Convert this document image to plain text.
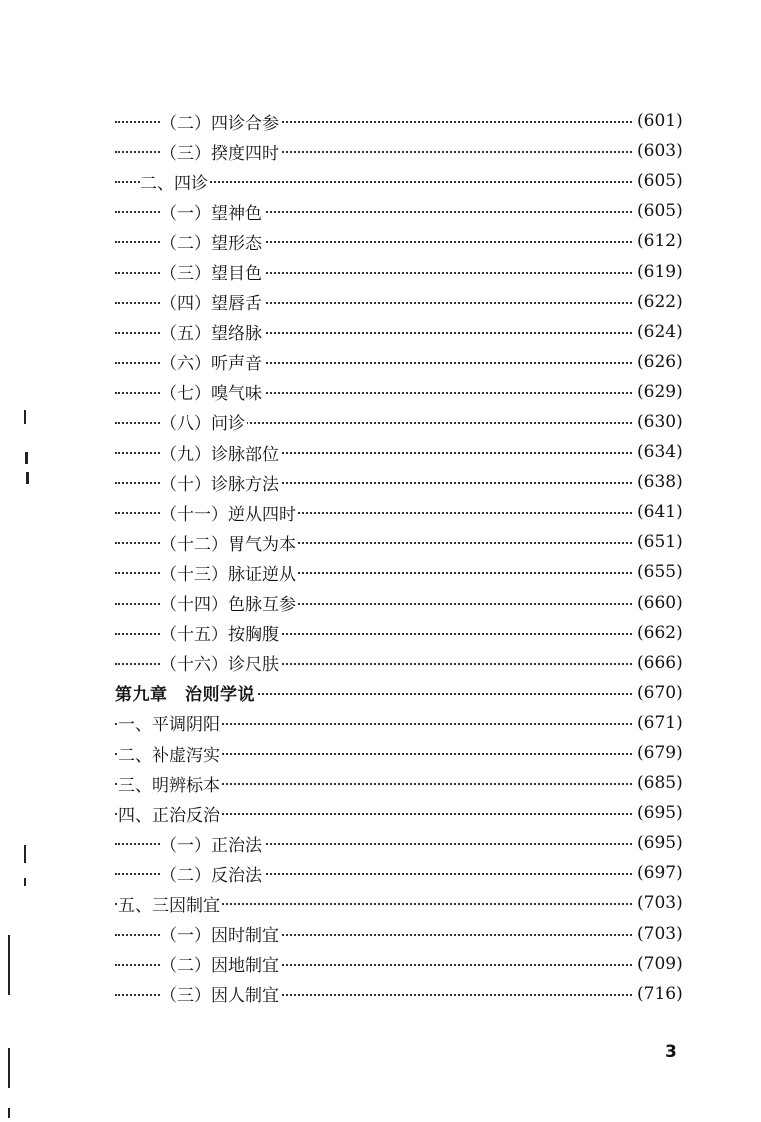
（二）四诊合参	(601)
（三）揆度四时	(603)
二、四诊	(605)
（一）望神色	(605)
（二）望形态	(612)
（三）望目色	(619)
（四）望唇舌	(622)
（五）望络脉	(624)
（六）听声音	(626)
（七）嗅气味	(629)
（八）问诊	(630)
（九）诊脉部位	(634)
（十）诊脉方法	(638)
（十一）逆从四时	(641)
（十二）胃气为本	(651)
（十三）脉证逆从	(655)
（十四）色脉互参	(660)
（十五）按胸腹	(662)
（十六）诊尺肤	(666)
第九章　治则学说	(670)
一、平调阴阳	(671)
二、补虚泻实	(679)
三、明辨标本	(685)
四、正治反治	(695)
（一）正治法	(695)
（二）反治法	(697)
五、三因制宜	(703)
（一）因时制宜	(703)
（二）因地制宜	(709)
（三）因人制宜	(716)
3
